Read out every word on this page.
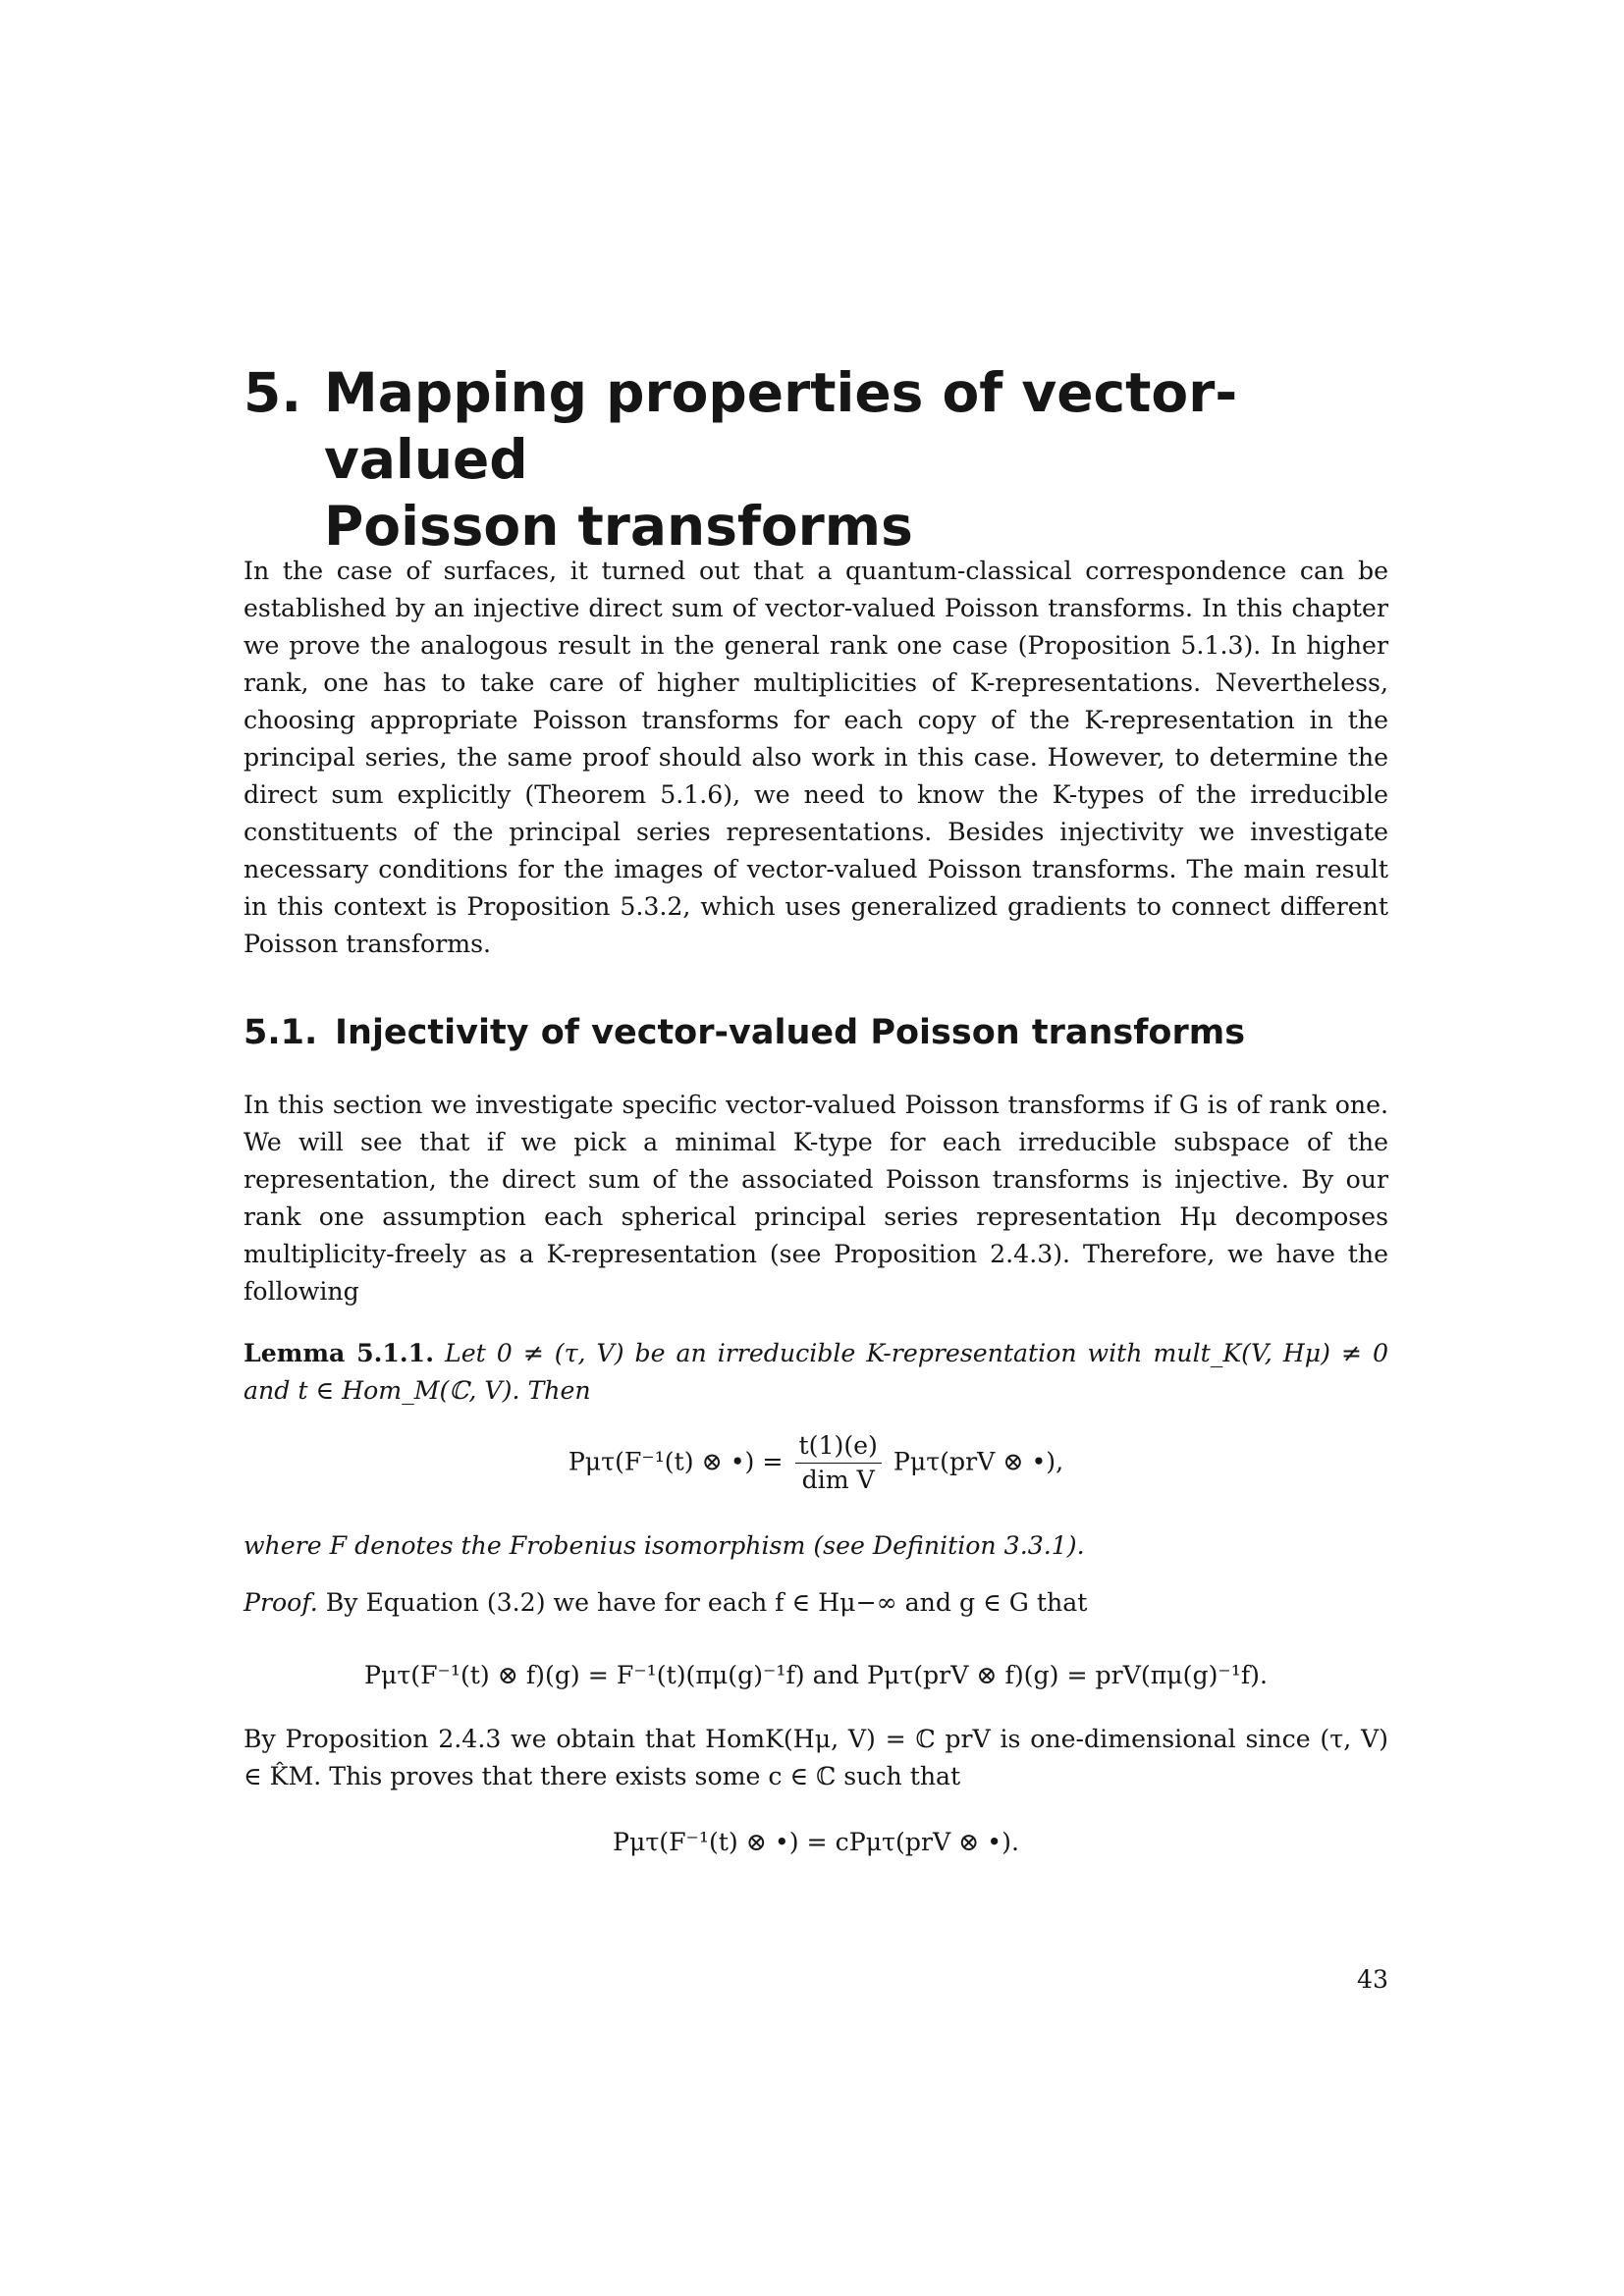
5. Mapping properties of vector-valued
Poisson transforms

In the case of surfaces, it turned out that a quantum-classical correspondence can be established by an injective direct sum of vector-valued Poisson transforms. In this chapter we prove the analogous result in the general rank one case (Proposition 5.1.3). In higher rank, one has to take care of higher multiplicities of K-representations. Nevertheless, choosing appropriate Poisson transforms for each copy of the K-representation in the principal series, the same proof should also work in this case. However, to determine the direct sum explicitly (Theorem 5.1.6), we need to know the K-types of the irreducible constituents of the principal series representations. Besides injectivity we investigate necessary conditions for the images of vector-valued Poisson transforms. The main result in this context is Proposition 5.3.2, which uses generalized gradients to connect different Poisson transforms.

5.1. Injectivity of vector-valued Poisson transforms

In this section we investigate specific vector-valued Poisson transforms if G is of rank one. We will see that if we pick a minimal K-type for each irreducible subspace of the representation, the direct sum of the associated Poisson transforms is injective. By our rank one assumption each spherical principal series representation Hμ decomposes multiplicity-freely as a K-representation (see Proposition 2.4.3). Therefore, we have the following

Lemma 5.1.1. Let 0 ≠ (τ, V) be an irreducible K-representation with mult_K(V, Hμ) ≠ 0 and t ∈ Hom_M(ℂ, V). Then

Pμτ(F⁻¹(t) ⊗ •) = $\frac{t(1)(e)}{\text{dim V}} P\mu\tau(prV$ ⊗ •),

where F denotes the Frobenius isomorphism (see Definition 3.3.1).

Proof. By Equation (3.2) we have for each f ∈ Hμ−∞ and g ∈ G that

Pμτ(F⁻¹(t) ⊗ f)(g) = F⁻¹(t)(πμ(g)⁻¹f) and Pμτ(prV ⊗ f)(g) = prV(πμ(g)⁻¹f).

By Proposition 2.4.3 we obtain that HomK(Hμ, V) = ℂ prV is one-dimensional since (τ, V) ∈ K̂M. This proves that there exists some c ∈ ℂ such that

Pμτ(F⁻¹(t) ⊗ •) = cPμτ(prV ⊗ •).
43
